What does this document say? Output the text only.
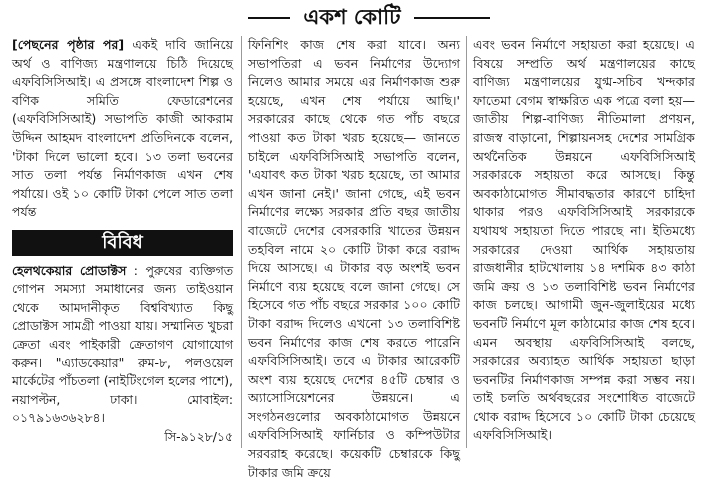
একশ কোটি

[পেছনের পৃষ্ঠার পর] একই দাবি জানিয়ে অর্থ ও বাণিজ্য মন্ত্রণালয়ে চিঠি দিয়েছে এফবিসিসিআই। এ প্রসঙ্গে বাংলাদেশ শিল্প ও বণিক সমিতি ফেডারেশনের (এফবিসিসিআই) সভাপতি কাজী আকরাম উদ্দিন আহমদ বাংলাদেশ প্রতিদিনকে বলেন, 'টাকা দিলে ভালো হবে। ১৩ তলা ভবনের সাত তলা পর্যন্ত নির্মাণকাজ এখন শেষ পর্যায়ে। ওই ১০ কোটি টাকা পেলে সাত তলা পর্যন্ত

বিবিধ
হেলথকেয়ার প্রোডাক্টস : পুরুষের ব্যক্তিগত গোপন সমস্যা সমাধানের জন্য তাইওয়ান থেকে আমদানীকৃত বিশ্ববিখ্যাত কিছু প্রোডাক্টস সামগ্রী পাওয়া যায়। সম্মানিত খুচরা ক্রেতা এবং পাইকারী ক্রেতাগণ যোগাযোগ করুন। "এ্যাডকেয়ার" রুম-৮, পলওয়েল মার্কেটের পাঁচতলা (নাইটিংগেল হলের পাশে), নয়াপল্টন, ঢাকা। মোবাইল: ০১৭৯১৬৩৬২৮৪।
সি-৯১২৮/১৫

ফিনিশিং কাজ শেষ করা যাবে। অন্য সভাপতিরা এ ভবন নির্মাণের উদ্যোগ নিলেও আমার সময়ে এর নির্মাণকাজ শুরু হয়েছে, এখন শেষ পর্যায়ে আছি।' সরকারের কাছে থেকে গত পাঁচ বছরে পাওয়া কত টাকা খরচ হয়েছে— জানতে চাইলে এফবিসিসিআই সভাপতি বলেন, 'এযাবৎ কত টাকা খরচ হয়েছে, তা আমার এখন জানা নেই।' জানা গেছে, এই ভবন নির্মাণের লক্ষ্যে সরকার প্রতি বছর জাতীয় বাজেটে দেশের বেসরকারি খাতের উন্নয়ন তহবিল নামে ২০ কোটি টাকা করে বরাদ্দ দিয়ে আসছে। এ টাকার বড় অংশই ভবন নির্মাণে ব্যয় হয়েছে বলে জানা গেছে। সে হিসেবে গত পাঁচ বছরে সরকার ১০০ কোটি টাকা বরাদ্দ দিলেও এখনো ১৩ তলাবিশিষ্ট ভবন নির্মাণের কাজ শেষ করতে পারেনি এফবিসিসিআই। তবে এ টাকার আরেকটি অংশ ব্যয় হয়েছে দেশের ৪৫টি চেম্বার ও অ্যাসোসিয়েশনের উন্নয়নে। এ সংগঠনগুলোর অবকাঠামোগত উন্নয়নে এফবিসিসিআই ফার্নিচার ও কম্পিউটার সরবরাহ করেছে। কয়েকটি চেম্বারকে কিছু টাকার জমি ক্রয়ে

এবং ভবন নির্মাণে সহায়তা করা হয়েছে। এ বিষয়ে সম্প্রতি অর্থ মন্ত্রণালয়ের কাছে বাণিজ্য মন্ত্রণালয়ের যুগ্ম-সচিব খন্দকার ফাতেমা বেগম স্বাক্ষরিত এক পত্রে বলা হয়— জাতীয় শিল্প-বাণিজ্য নীতিমালা প্রণয়ন, রাজস্ব বাড়ানো, শিল্পায়নসহ দেশের সামগ্রিক অর্থনৈতিক উন্নয়নে এফবিসিসিআই সরকারকে সহায়তা করে আসছে। কিন্তু অবকাঠামোগত সীমাবদ্ধতার কারণে চাহিদা থাকার পরও এফবিসিসিআই সরকারকে যথাযথ সহায়তা দিতে পারছে না। ইতিমধ্যে সরকারের দেওয়া আর্থিক সহায়তায় রাজধানীর হাটখোলায় ১৪ দশমিক ৪৩ কাঠা জমি ক্রয় ও ১৩ তলাবিশিষ্ট ভবন নির্মাণের কাজ চলছে। আগামী জুন-জুলাইয়ের মধ্যে ভবনটি নির্মাণে মূল কাঠামোর কাজ শেষ হবে। এমন অবস্থায় এফবিসিসিআই বলছে, সরকারের অব্যাহত আর্থিক সহায়তা ছাড়া ভবনটির নির্মাণকাজ সম্পন্ন করা সম্ভব নয়। তাই চলতি অর্থবছরের সংশোধিত বাজেটে থোক বরাদ্দ হিসেবে ১০ কোটি টাকা চেয়েছে এফবিসিসিআই।
